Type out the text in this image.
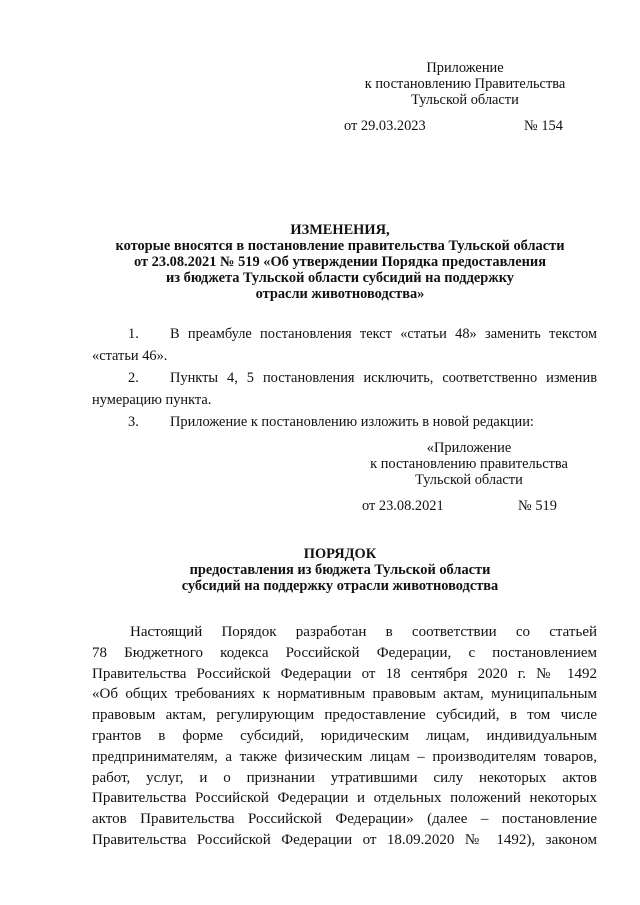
Приложение
к постановлению Правительства
Тульской области
от 29.03.2023	№ 154
ИЗМЕНЕНИЯ,
которые вносятся в постановление правительства Тульской области
от 23.08.2021 № 519 «Об утверждении Порядка предоставления
из бюджета Тульской области субсидий на поддержку
отрасли животноводства»
1. В преамбуле постановления текст «статьи 48» заменить текстом
«статьи 46».
2. Пункты 4, 5 постановления исключить, соответственно изменив
нумерацию пункта.
3. Приложение к постановлению изложить в новой редакции:
«Приложение
к постановлению правительства
Тульской области
от 23.08.2021	№ 519
ПОРЯДОК
предоставления из бюджета Тульской области
субсидий на поддержку отрасли животноводства
Настоящий Порядок разработан в соответствии со статьей
78 Бюджетного кодекса Российской Федерации, с постановлением
Правительства Российской Федерации от 18 сентября 2020 г. № 1492
«Об общих требованиях к нормативным правовым актам, муниципальным
правовым актам, регулирующим предоставление субсидий, в том числе
грантов в форме субсидий, юридическим лицам, индивидуальным
предпринимателям, а также физическим лицам – производителям товаров,
работ, услуг, и о признании утратившими силу некоторых актов
Правительства Российской Федерации и отдельных положений некоторых
актов Правительства Российской Федерации» (далее – постановление
Правительства Российской Федерации от 18.09.2020 № 1492), законом
